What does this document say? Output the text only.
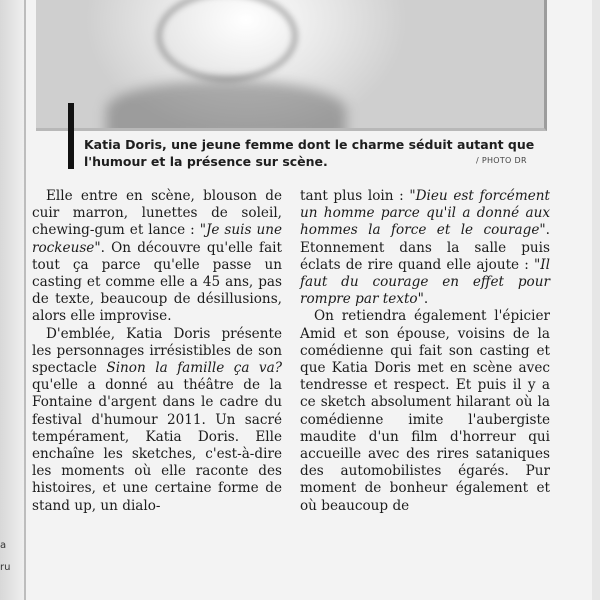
a
ru
Katia Doris, une jeune femme dont le charme séduit autant que l'humour et la présence sur scène.	/ PHOTO DR

Elle entre en scène, blouson de cuir marron, lunettes de soleil, chewing-gum et lance : "Je suis une rockeuse". On découvre qu'elle fait tout ça parce qu'elle passe un casting et comme elle a 45 ans, pas de texte, beaucoup de désillusions, alors elle improvise.

D'emblée, Katia Doris présente les personnages irrésistibles de son spectacle Sinon la famille ça va? qu'elle a donné au théâtre de la Fontaine d'argent dans le cadre du festival d'humour 2011. Un sacré tempérament, Katia Doris. Elle enchaîne les sketches, c'est-à-dire les moments où elle raconte des histoires, et une certaine forme de stand up, un dialo-

tant plus loin : "Dieu est forcément un homme parce qu'il a donné aux hommes la force et le courage". Etonnement dans la salle puis éclats de rire quand elle ajoute : "Il faut du courage en effet pour rompre par texto".

On retiendra également l'épicier Amid et son épouse, voisins de la comédienne qui fait son casting et que Katia Doris met en scène avec tendresse et respect. Et puis il y a ce sketch absolument hilarant où la comédienne imite l'aubergiste maudite d'un film d'horreur qui accueille avec des rires sataniques des automobilistes égarés. Pur moment de bonheur également et où beaucoup de
